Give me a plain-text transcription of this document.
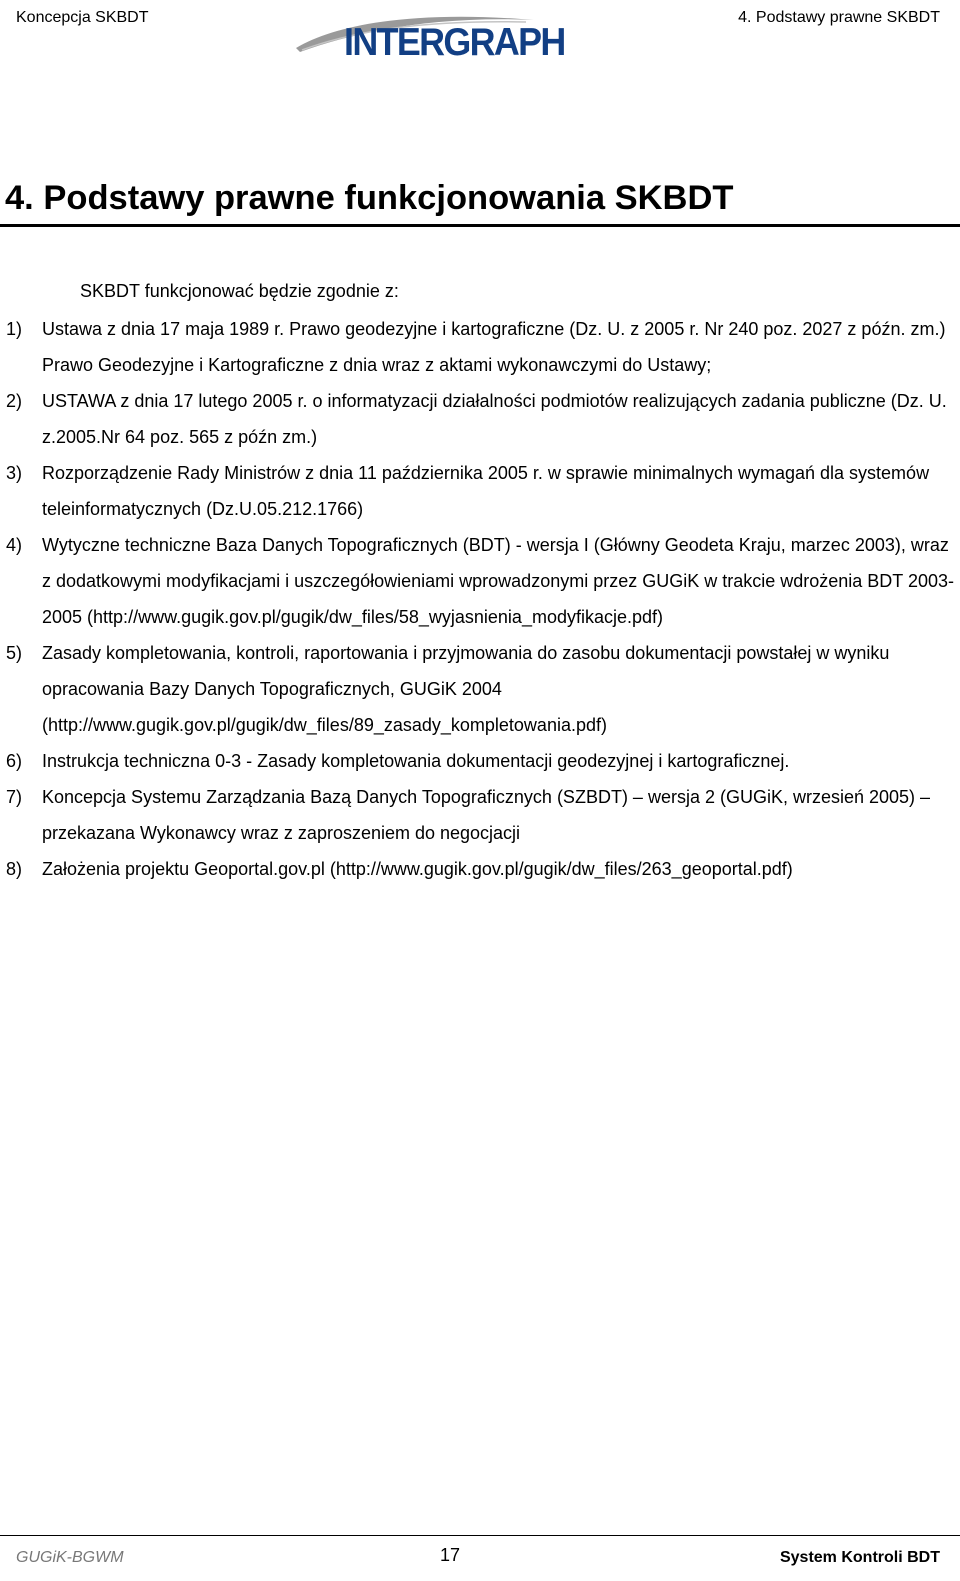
Koncepcja SKBDT
INTERGRAPH
4. Podstawy prawne SKBDT
4. Podstawy prawne funkcjonowania SKBDT
SKBDT funkcjonować będzie zgodnie z:
1) Ustawa z dnia 17 maja 1989 r. Prawo geodezyjne i kartograficzne (Dz. U. z 2005 r. Nr 240 poz. 2027 z późn. zm.) Prawo Geodezyjne i Kartograficzne z dnia wraz z aktami wykonawczymi do Ustawy;
2) USTAWA z dnia 17 lutego 2005 r. o informatyzacji działalności podmiotów realizujących zadania publiczne (Dz. U. z.2005.Nr 64 poz. 565 z późn zm.)
3) Rozporządzenie Rady Ministrów z dnia 11 października 2005 r. w sprawie minimalnych wymagań dla systemów teleinformatycznych (Dz.U.05.212.1766)
4) Wytyczne techniczne Baza Danych Topograficznych (BDT) - wersja I (Główny Geodeta Kraju, marzec 2003), wraz z dodatkowymi modyfikacjami i uszczegółowieniami wprowadzonymi przez GUGiK w trakcie wdrożenia BDT 2003-2005 (http://www.gugik.gov.pl/gugik/dw_files/58_wyjasnienia_modyfikacje.pdf)
5) Zasady kompletowania, kontroli, raportowania i przyjmowania do zasobu dokumentacji powstałej w wyniku opracowania Bazy Danych Topograficznych, GUGiK 2004 (http://www.gugik.gov.pl/gugik/dw_files/89_zasady_kompletowania.pdf)
6) Instrukcja techniczna 0-3 - Zasady kompletowania dokumentacji geodezyjnej i kartograficznej.
7) Koncepcja Systemu Zarządzania Bazą Danych Topograficznych (SZBDT) – wersja 2 (GUGiK, wrzesień 2005) – przekazana Wykonawcy wraz z zaproszeniem do negocjacji
8) Założenia projektu Geoportal.gov.pl (http://www.gugik.gov.pl/gugik/dw_files/263_geoportal.pdf)
GUGiK-BGWM	17	System Kontroli BDT
